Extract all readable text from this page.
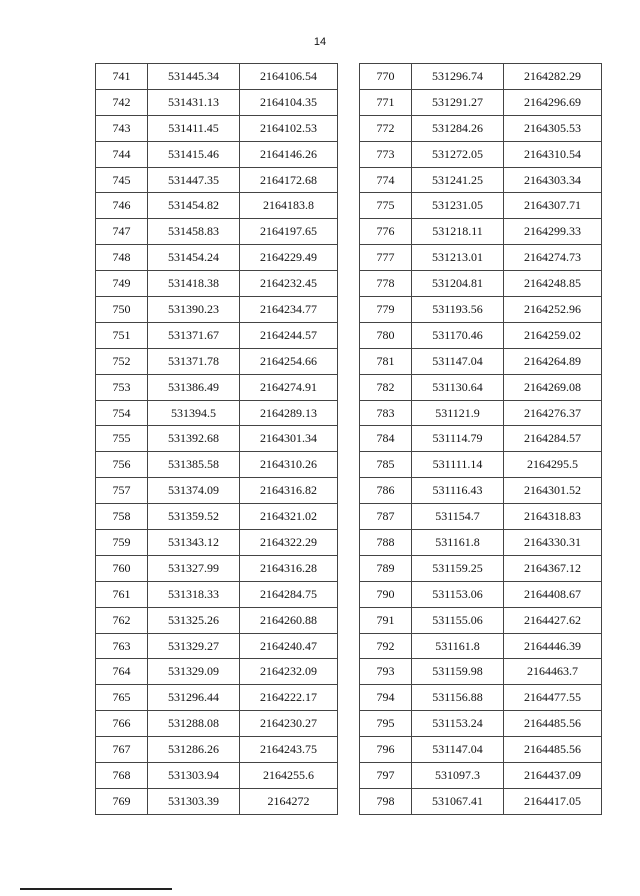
14
741	531445.34	2164106.54
742	531431.13	2164104.35
743	531411.45	2164102.53
744	531415.46	2164146.26
745	531447.35	2164172.68
746	531454.82	2164183.8
747	531458.83	2164197.65
748	531454.24	2164229.49
749	531418.38	2164232.45
750	531390.23	2164234.77
751	531371.67	2164244.57
752	531371.78	2164254.66
753	531386.49	2164274.91
754	531394.5	2164289.13
755	531392.68	2164301.34
756	531385.58	2164310.26
757	531374.09	2164316.82
758	531359.52	2164321.02
759	531343.12	2164322.29
760	531327.99	2164316.28
761	531318.33	2164284.75
762	531325.26	2164260.88
763	531329.27	2164240.47
764	531329.09	2164232.09
765	531296.44	2164222.17
766	531288.08	2164230.27
767	531286.26	2164243.75
768	531303.94	2164255.6
769	531303.39	2164272
770	531296.74	2164282.29
771	531291.27	2164296.69
772	531284.26	2164305.53
773	531272.05	2164310.54
774	531241.25	2164303.34
775	531231.05	2164307.71
776	531218.11	2164299.33
777	531213.01	2164274.73
778	531204.81	2164248.85
779	531193.56	2164252.96
780	531170.46	2164259.02
781	531147.04	2164264.89
782	531130.64	2164269.08
783	531121.9	2164276.37
784	531114.79	2164284.57
785	531111.14	2164295.5
786	531116.43	2164301.52
787	531154.7	2164318.83
788	531161.8	2164330.31
789	531159.25	2164367.12
790	531153.06	2164408.67
791	531155.06	2164427.62
792	531161.8	2164446.39
793	531159.98	2164463.7
794	531156.88	2164477.55
795	531153.24	2164485.56
796	531147.04	2164485.56
797	531097.3	2164437.09
798	531067.41	2164417.05
